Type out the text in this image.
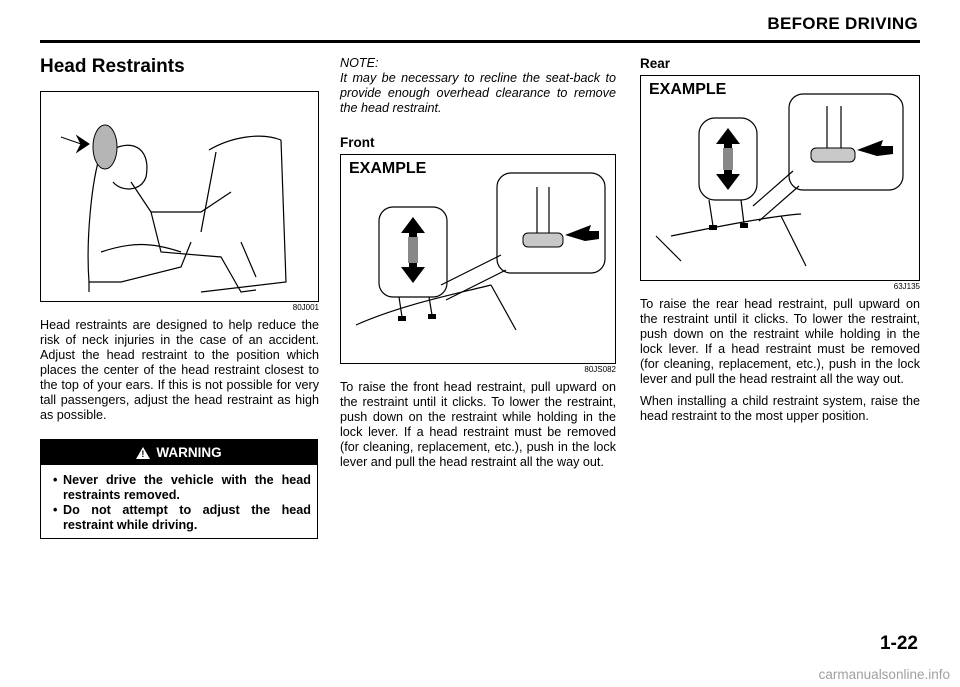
BEFORE DRIVING
Head Restraints
80J001

Head restraints are designed to help reduce the risk of neck injuries in the case of an accident. Adjust the head restraint to the position which places the center of the head restraint closest to the top of your ears. If this is not possible for very tall passengers, adjust the head restraint as high as possible.

! WARNING
• Never drive the vehicle with the head restraints removed.
• Do not attempt to adjust the head restraint while driving.

NOTE:

It may be necessary to recline the seat-back to provide enough overhead clearance to remove the head restraint.

Front
EXAMPLE
80JS082

To raise the front head restraint, pull upward on the restraint until it clicks. To lower the restraint, push down on the restraint while holding in the lock lever. If a head restraint must be removed (for cleaning, replacement, etc.), push in the lock lever and pull the head restraint all the way out.

Rear
EXAMPLE
63J135

To raise the rear head restraint, pull upward on the restraint until it clicks. To lower the restraint, push down on the restraint while holding in the lock lever. If a head restraint must be removed (for cleaning, replacement, etc.), push in the lock lever and pull the head restraint all the way out.

When installing a child restraint system, raise the head restraint to the most upper position.

1-22
carmanualsonline.info
